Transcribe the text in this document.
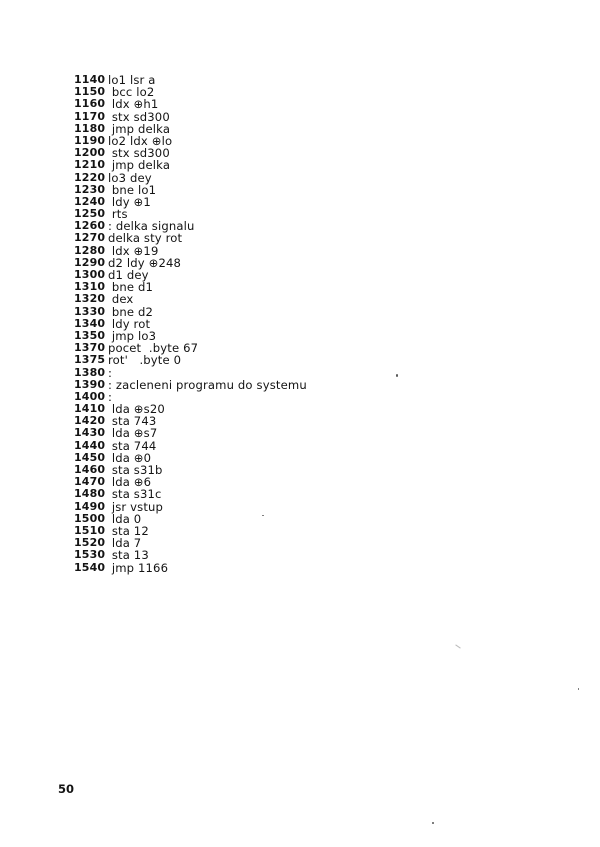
1140 lo1 lsr a
1150 bcc lo2
1160 ldx ⊕h1
1170 stx sd300
1180 jmp delka
1190 lo2 ldx ⊕lo
1200 stx sd300
1210 jmp delka
1220 lo3 dey
1230 bne lo1
1240 ldy ⊕1
1250 rts
1260 : delka signalu
1270 delka sty rot
1280 ldx ⊕19
1290 d2 ldy ⊕248
1300 d1 dey
1310 bne d1
1320 dex
1330 bne d2
1340 ldy rot
1350 jmp lo3
1370 pocet  .byte 67
1375 rot'   .byte 0
1380 :
1390 : zacleneni programu do systemu
1400 :
1410 lda ⊕s20
1420 sta 743
1430 lda ⊕s7
1440 sta 744
1450 lda ⊕0
1460 sta s31b
1470 lda ⊕6
1480 sta s31c
1490 jsr vstup
1500 lda 0
1510 sta 12
1520 lda 7
1530 sta 13
1540 jmp 1166
50
